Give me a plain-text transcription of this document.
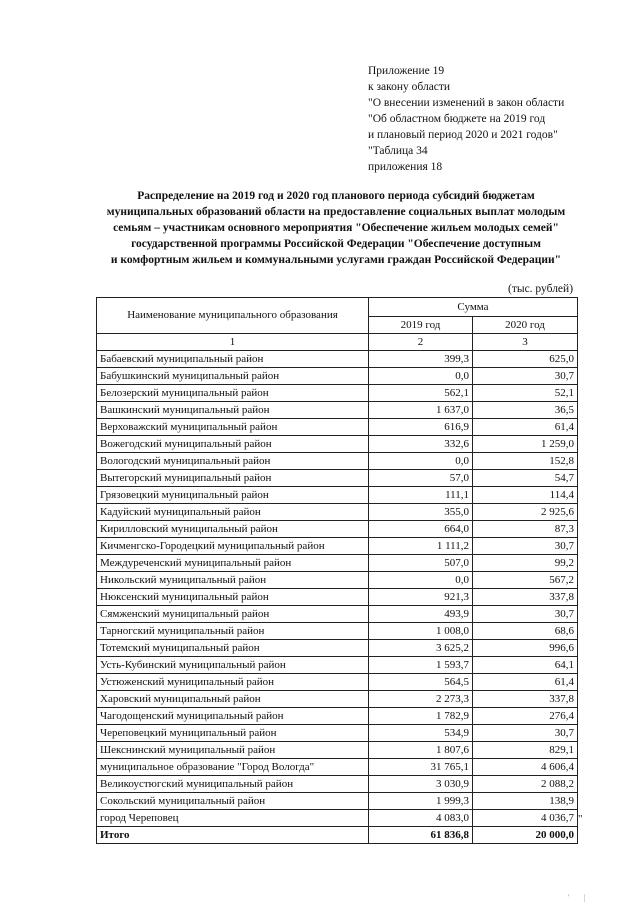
Приложение 19
к закону области
"О внесении изменений в закон области
"Об областном бюджете на 2019 год
и плановый период 2020 и 2021 годов"
"Таблица 34
приложения 18
Распределение на 2019 год и 2020 год планового периода субсидий бюджетам
муниципальных образований области на предоставление социальных выплат молодым
семьям – участникам основного мероприятия "Обеспечение жильем молодых семей"
государственной программы Российской Федерации "Обеспечение доступным
и комфортным жильем и коммунальными услугами граждан Российской Федерации"
(тыс. рублей)
Наименование муниципального образования	Сумма	
	2019 год	2020 год
1	2	3
Бабаевский муниципальный район	399,3	625,0
Бабушкинский муниципальный район	0,0	30,7
Белозерский муниципальный район	562,1	52,1
Вашкинский муниципальный район	1 637,0	36,5
Верховажский муниципальный район	616,9	61,4
Вожегодский муниципальный район	332,6	1 259,0
Вологодский муниципальный район	0,0	152,8
Вытегорский муниципальный район	57,0	54,7
Грязовецкий муниципальный район	111,1	114,4
Кадуйский муниципальный район	355,0	2 925,6
Кирилловский муниципальный район	664,0	87,3
Кичменгско-Городецкий муниципальный район	1 111,2	30,7
Междуреченский муниципальный район	507,0	99,2
Никольский муниципальный район	0,0	567,2
Нюксенский муниципальный район	921,3	337,8
Сямженский муниципальный район	493,9	30,7
Тарногский муниципальный район	1 008,0	68,6
Тотемский муниципальный район	3 625,2	996,6
Усть-Кубинский муниципальный район	1 593,7	64,1
Устюженский муниципальный район	564,5	61,4
Харовский муниципальный район	2 273,3	337,8
Чагодощенский муниципальный район	1 782,9	276,4
Череповецкий муниципальный район	534,9	30,7
Шекснинский муниципальный район	1 807,6	829,1
муниципальное образование "Город Вологда"	31 765,1	4 606,4
Великоустюгский муниципальный район	3 030,9	2 088,2
Сокольский муниципальный район	1 999,3	138,9
город Череповец	4 083,0	4 036,7
Итого	61 836,8	20 000,0
"
' |
